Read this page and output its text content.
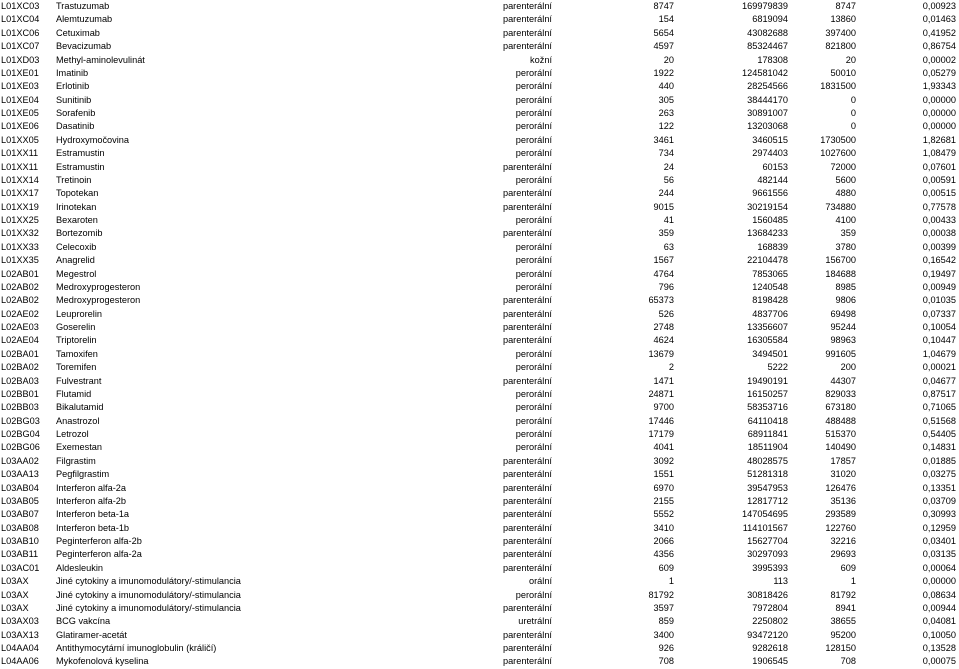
L01XC03	Trastuzumab	parenterální	8747	169979839	8747	0,00923
L01XC04	Alemtuzumab	parenterální	154	6819094	13860	0,01463
L01XC06	Cetuximab	parenterální	5654	43082688	397400	0,41952
L01XC07	Bevacizumab	parenterální	4597	85324467	821800	0,86754
L01XD03	Methyl-aminolevulinát	kožní	20	178308	20	0,00002
L01XE01	Imatinib	perorální	1922	124581042	50010	0,05279
L01XE03	Erlotinib	perorální	440	28254566	1831500	1,93343
L01XE04	Sunitinib	perorální	305	38444170	0	0,00000
L01XE05	Sorafenib	perorální	263	30891007	0	0,00000
L01XE06	Dasatinib	perorální	122	13203068	0	0,00000
L01XX05	Hydroxymočovina	perorální	3461	3460515	1730500	1,82681
L01XX11	Estramustin	perorální	734	2974403	1027600	1,08479
L01XX11	Estramustin	parenterální	24	60153	72000	0,07601
L01XX14	Tretinoin	perorální	56	482144	5600	0,00591
L01XX17	Topotekan	parenterální	244	9661556	4880	0,00515
L01XX19	Irinotekan	parenterální	9015	30219154	734880	0,77578
L01XX25	Bexaroten	perorální	41	1560485	4100	0,00433
L01XX32	Bortezomib	parenterální	359	13684233	359	0,00038
L01XX33	Celecoxib	perorální	63	168839	3780	0,00399
L01XX35	Anagrelid	perorální	1567	22104478	156700	0,16542
L02AB01	Megestrol	perorální	4764	7853065	184688	0,19497
L02AB02	Medroxyprogesteron	perorální	796	1240548	8985	0,00949
L02AB02	Medroxyprogesteron	parenterální	65373	8198428	9806	0,01035
L02AE02	Leuprorelin	parenterální	526	4837706	69498	0,07337
L02AE03	Goserelin	parenterální	2748	13356607	95244	0,10054
L02AE04	Triptorelin	parenterální	4624	16305584	98963	0,10447
L02BA01	Tamoxifen	perorální	13679	3494501	991605	1,04679
L02BA02	Toremifen	perorální	2	5222	200	0,00021
L02BA03	Fulvestrant	parenterální	1471	19490191	44307	0,04677
L02BB01	Flutamid	perorální	24871	16150257	829033	0,87517
L02BB03	Bikalutamid	perorální	9700	58353716	673180	0,71065
L02BG03	Anastrozol	perorální	17446	64110418	488488	0,51568
L02BG04	Letrozol	perorální	17179	68911841	515370	0,54405
L02BG06	Exemestan	perorální	4041	18511904	140490	0,14831
L03AA02	Filgrastim	parenterální	3092	48028575	17857	0,01885
L03AA13	Pegfilgrastim	parenterální	1551	51281318	31020	0,03275
L03AB04	Interferon alfa-2a	parenterální	6970	39547953	126476	0,13351
L03AB05	Interferon alfa-2b	parenterální	2155	12817712	35136	0,03709
L03AB07	Interferon beta-1a	parenterální	5552	147054695	293589	0,30993
L03AB08	Interferon beta-1b	parenterální	3410	114101567	122760	0,12959
L03AB10	Peginterferon alfa-2b	parenterální	2066	15627704	32216	0,03401
L03AB11	Peginterferon alfa-2a	parenterální	4356	30297093	29693	0,03135
L03AC01	Aldesleukin	parenterální	609	3995393	609	0,00064
L03AX	Jiné cytokiny a imunomodulátory/-stimulancia	orální	1	113	1	0,00000
L03AX	Jiné cytokiny a imunomodulátory/-stimulancia	perorální	81792	30818426	81792	0,08634
L03AX	Jiné cytokiny a imunomodulátory/-stimulancia	parenterální	3597	7972804	8941	0,00944
L03AX03	BCG vakcína	uretrální	859	2250802	38655	0,04081
L03AX13	Glatiramer-acetát	parenterální	3400	93472120	95200	0,10050
L04AA04	Antithymocytární imunoglobulin (králičí)	parenterální	926	9282618	128150	0,13528
L04AA06	Mykofenolová kyselina	parenterální	708	1906545	708	0,00075
